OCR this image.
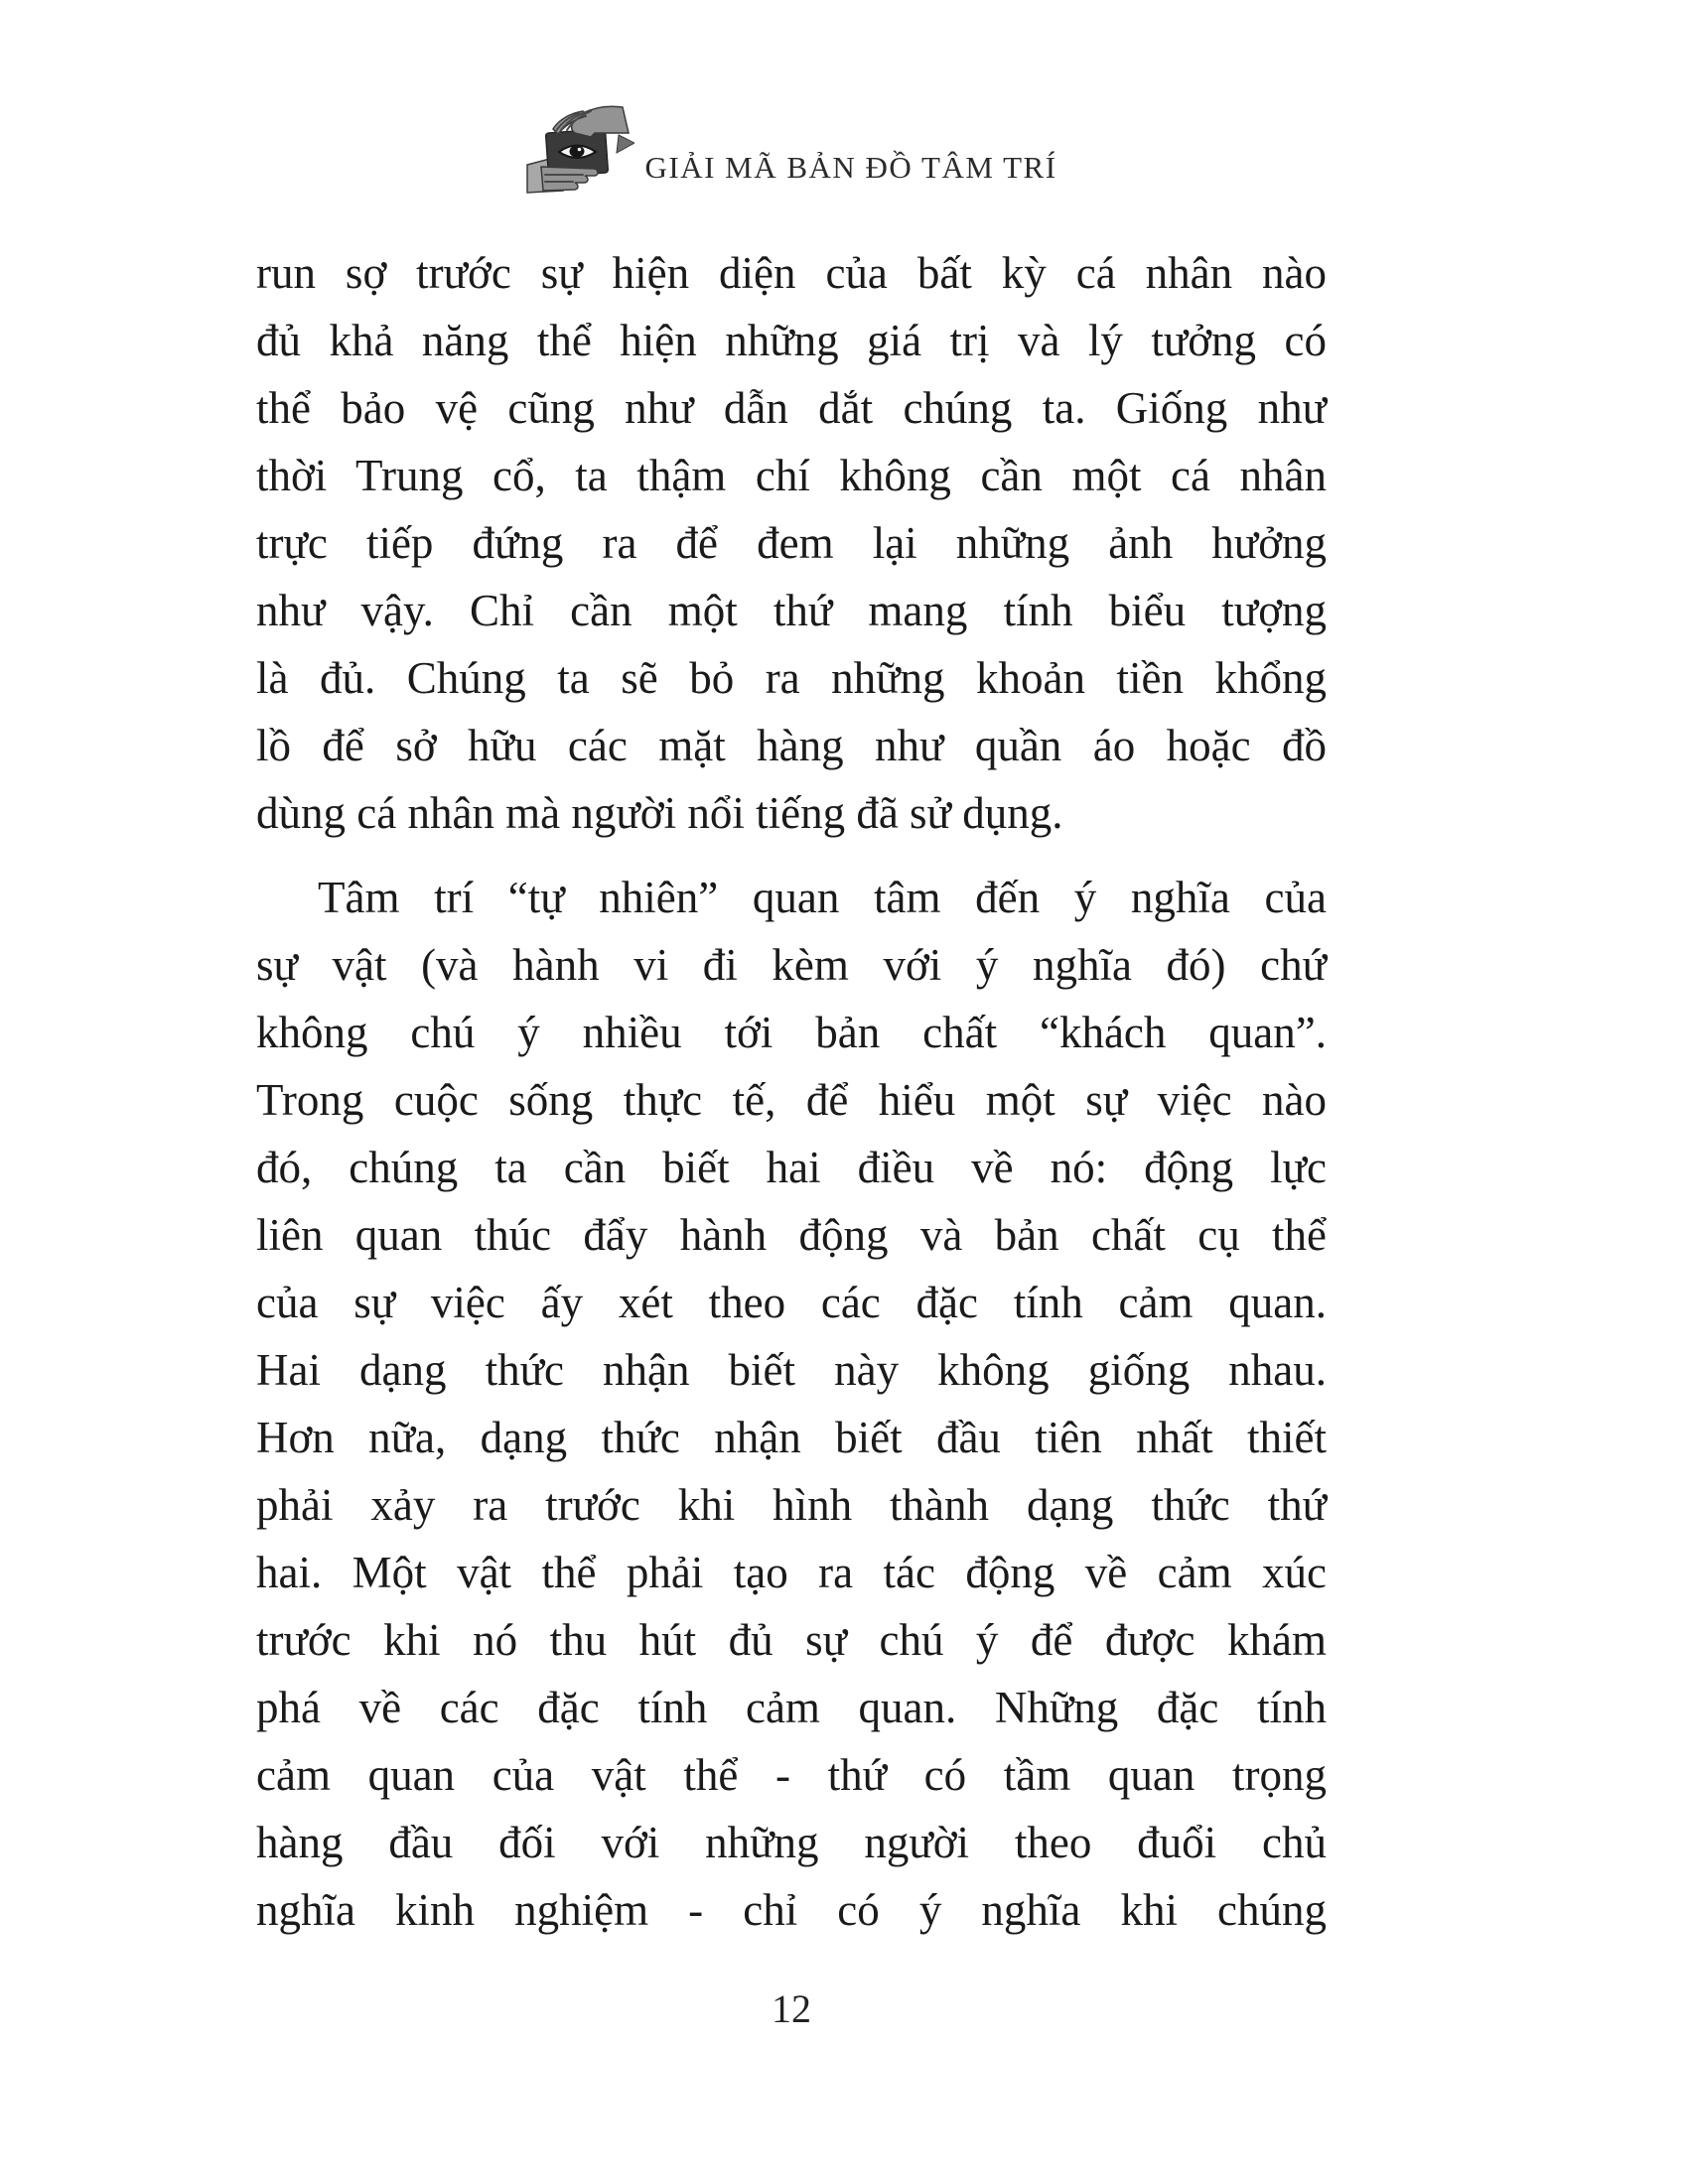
GIẢI MÃ BẢN ĐỒ TÂM TRÍ
run sợ trước sự hiện diện của bất kỳ cá nhân nào
đủ khả năng thể hiện những giá trị và lý tưởng có
thể bảo vệ cũng như dẫn dắt chúng ta. Giống như
thời Trung cổ, ta thậm chí không cần một cá nhân
trực tiếp đứng ra để đem lại những ảnh hưởng
như vậy. Chỉ cần một thứ mang tính biểu tượng
là đủ. Chúng ta sẽ bỏ ra những khoản tiền khổng
lồ để sở hữu các mặt hàng như quần áo hoặc đồ
dùng cá nhân mà người nổi tiếng đã sử dụng.
Tâm trí “tự nhiên” quan tâm đến ý nghĩa của
sự vật (và hành vi đi kèm với ý nghĩa đó) chứ
không chú ý nhiều tới bản chất “khách quan”.
Trong cuộc sống thực tế, để hiểu một sự việc nào
đó, chúng ta cần biết hai điều về nó: động lực
liên quan thúc đẩy hành động và bản chất cụ thể
của sự việc ấy xét theo các đặc tính cảm quan.
Hai dạng thức nhận biết này không giống nhau.
Hơn nữa, dạng thức nhận biết đầu tiên nhất thiết
phải xảy ra trước khi hình thành dạng thức thứ
hai. Một vật thể phải tạo ra tác động về cảm xúc
trước khi nó thu hút đủ sự chú ý để được khám
phá về các đặc tính cảm quan. Những đặc tính
cảm quan của vật thể - thứ có tầm quan trọng
hàng đầu đối với những người theo đuổi chủ
nghĩa kinh nghiệm - chỉ có ý nghĩa khi chúng
12
